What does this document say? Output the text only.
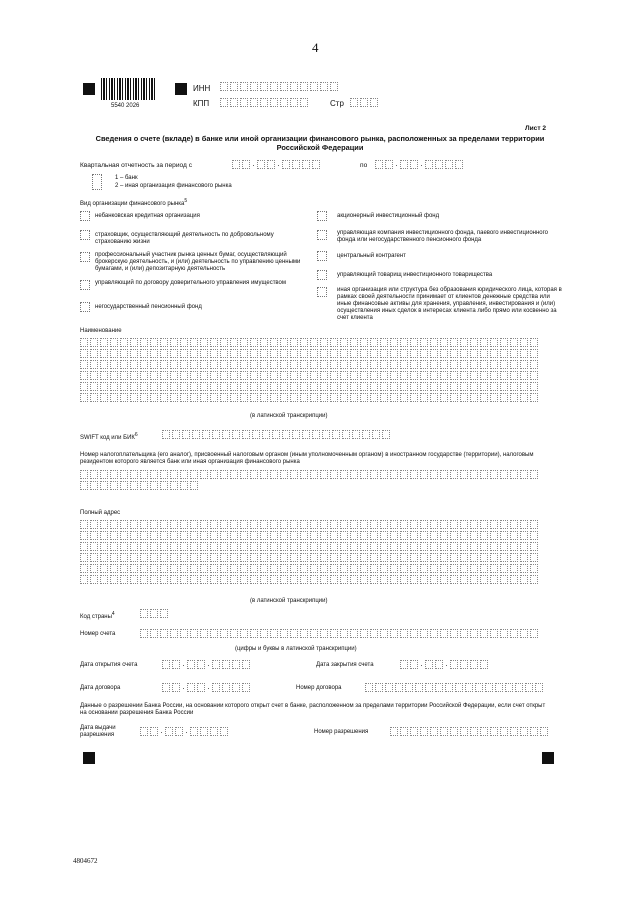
4
5540 2026
ИНН
КПП	Стр
Лист 2
Сведения о счете (вкладе) в банке или иной организации финансового рынка, расположенных за пределами территории Российской Федерации
Квартальная отчетность за период с	.	.	по	.	.
1 – банк
2 – иная организация финансового рынка
Вид организации финансового рынка$^5$
небанковская кредитная организация
страховщик, осуществляющий деятельность по добровольному страхованию жизни
профессиональный участник рынка ценных бумаг, осуществляющий брокерскую деятельность, и (или) деятельность по управлению ценными бумагами, и (или) депозитарную деятельность
управляющий по договору доверительного управления имуществом
негосударственный пенсионный фонд
акционерный инвестиционный фонд
управляющая компания инвестиционного фонда, паевого инвестиционного фонда или негосударственного пенсионного фонда
центральный контрагент
управляющий товарищ инвестиционного товарищества
иная организация или структура без образования юридического лица, которая в рамках своей деятельности принимает от клиентов денежные средства или иные финансовые активы для хранения, управления, инвестирования и (или) осуществления иных сделок в интересах клиента либо прямо или косвенно за счет клиента
Наименование
(в латинской транскрипции)
SWIFT код или БИК$^6$
Номер налогоплательщика (его аналог), присвоенный налоговым органом (иным уполномоченным органом) в иностранном государстве (территории), налоговым резидентом которого является банк или иная организация финансового рынка
Полный адрес
(в латинской транскрипции)
Код страны$^4$
Номер счета
(цифры и буквы в латинской транскрипции)
Дата открытия счета	.	.	Дата закрытия счета	.	.
Дата договора	.	.	Номер договора
Данные о разрешении Банка России, на основании которого открыт счет в банке, расположенном за пределами территории Российской Федерации, если счет открыт на основании разрешения Банка России
Дата выдачи разрешения	.	.	Номер разрешения
4804672
